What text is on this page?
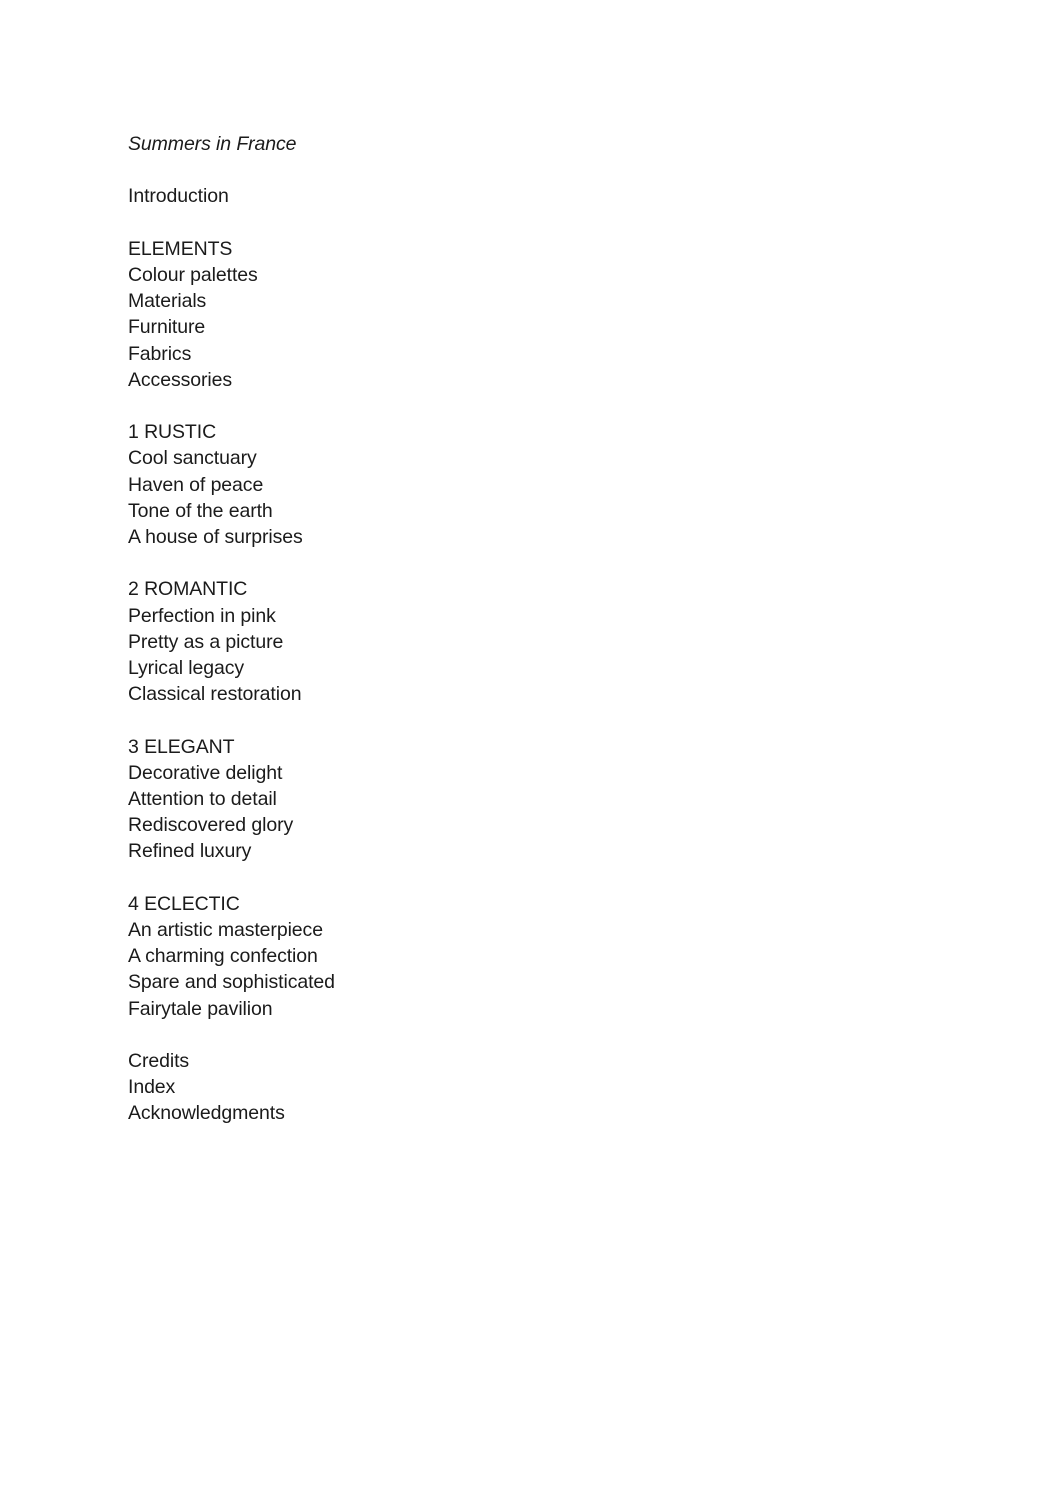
Summers in France

Introduction

ELEMENTS

Colour palettes

Materials

Furniture

Fabrics

Accessories

1 RUSTIC

Cool sanctuary

Haven of peace

Tone of the earth

A house of surprises

2 ROMANTIC

Perfection in pink

Pretty as a picture

Lyrical legacy

Classical restoration

3 ELEGANT

Decorative delight

Attention to detail

Rediscovered glory

Refined luxury

4 ECLECTIC

An artistic masterpiece

A charming confection

Spare and sophisticated

Fairytale pavilion

Credits

Index

Acknowledgments
